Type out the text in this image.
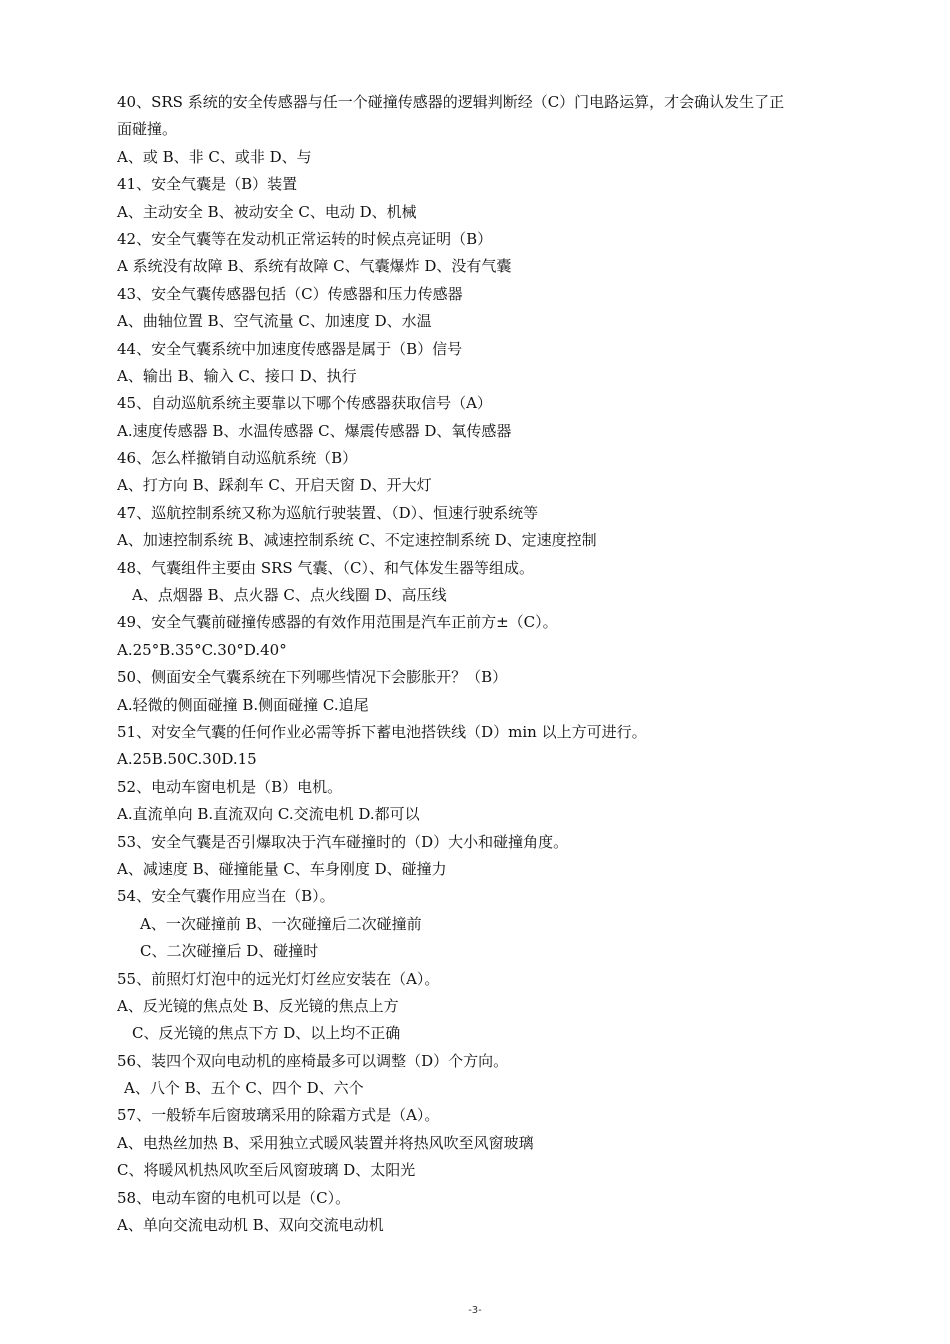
40、SRS 系统的安全传感器与任一个碰撞传感器的逻辑判断经（C）门电路运算，才会确认发生了正
面碰撞。
A、或 B、非 C、或非 D、与
41、安全气囊是（B）装置
A、主动安全 B、被动安全 C、电动 D、机械
42、安全气囊等在发动机正常运转的时候点亮证明（B）
A 系统没有故障 B、系统有故障 C、气囊爆炸 D、没有气囊
43、安全气囊传感器包括（C）传感器和压力传感器
A、曲轴位置 B、空气流量 C、加速度 D、水温
44、安全气囊系统中加速度传感器是属于（B）信号
A、输出 B、输入 C、接口 D、执行
45、自动巡航系统主要靠以下哪个传感器获取信号（A）
A.速度传感器 B、水温传感器 C、爆震传感器 D、氧传感器
46、怎么样撤销自动巡航系统（B）
A、打方向 B、踩刹车 C、开启天窗 D、开大灯
47、巡航控制系统又称为巡航行驶装置、（D）、恒速行驶系统等
A、加速控制系统 B、减速控制系统 C、不定速控制系统 D、定速度控制
48、气囊组件主要由 SRS 气囊、（C）、和气体发生器等组成。
A、点烟器 B、点火器 C、点火线圈 D、高压线
49、安全气囊前碰撞传感器的有效作用范围是汽车正前方±（C）。
A.25°B.35°C.30°D.40°
50、侧面安全气囊系统在下列哪些情况下会膨胀开？（B）
A.轻微的侧面碰撞 B.侧面碰撞 C.追尾
51、对安全气囊的任何作业必需等拆下蓄电池搭铁线（D）min 以上方可进行。
A.25B.50C.30D.15
52、电动车窗电机是（B）电机。
A.直流单向 B.直流双向 C.交流电机 D.都可以
53、安全气囊是否引爆取决于汽车碰撞时的（D）大小和碰撞角度。
A、减速度 B、碰撞能量 C、车身刚度 D、碰撞力
54、安全气囊作用应当在（B）。
A、一次碰撞前 B、一次碰撞后二次碰撞前
C、二次碰撞后 D、碰撞时
55、前照灯灯泡中的远光灯灯丝应安装在（A）。
A、反光镜的焦点处 B、反光镜的焦点上方
C、反光镜的焦点下方 D、以上均不正确
56、装四个双向电动机的座椅最多可以调整（D）个方向。
A、八个 B、五个 C、四个 D、六个
57、一般轿车后窗玻璃采用的除霜方式是（A）。
A、电热丝加热 B、采用独立式暖风装置并将热风吹至风窗玻璃
C、将暖风机热风吹至后风窗玻璃 D、太阳光
58、电动车窗的电机可以是（C）。
A、单向交流电动机 B、双向交流电动机
-3-
